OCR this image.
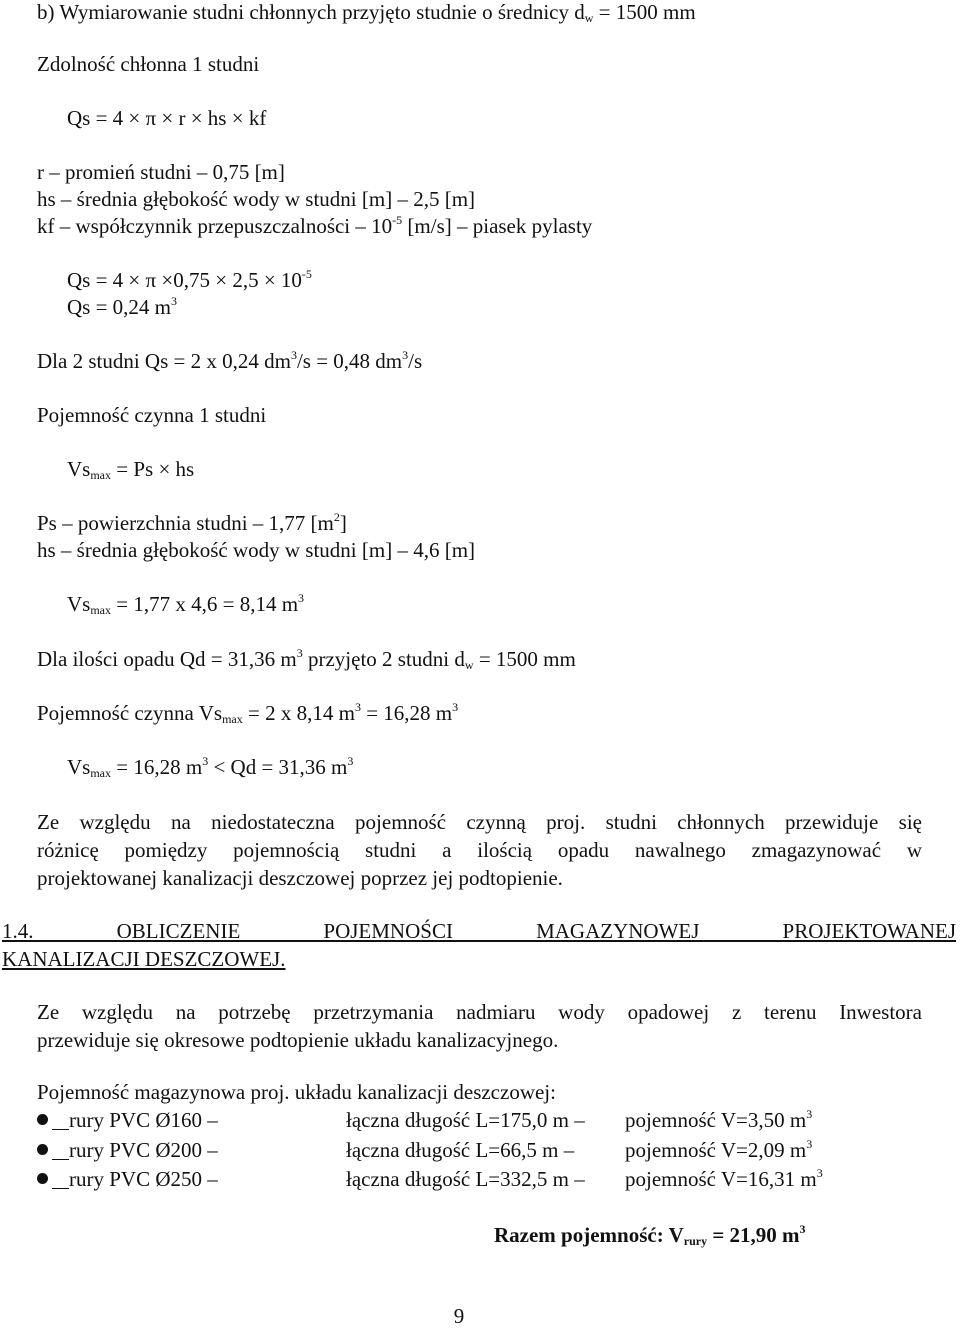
b) Wymiarowanie studni chłonnych przyjęto studnie o średnicy $d_w = 1500$ mm
Zdolność chłonna 1 studni
Qs = 4 × π × r × hs × kf
r – promień studni – 0,75 [m]
hs – średnia głębokość wody w studni [m] – 2,5 [m]
kf – współczynnik przepuszczalności – $10^{-5}$ [m/s] – piasek pylasty
$Qs = 4 \times \pi \times 0,75 \times 2,5 \times 10^{-5}$
Qs = 0,24 $m^3$
Dla 2 studni Qs = 2 x 0,24 $dm^3/s = 0,48$ $dm^3/s$
Pojemność czynna 1 studni
$Vs_{max} = Ps$ × hs
Ps – powierzchnia studni – 1,77 $[m^2]$
hs – średnia głębokość wody w studni [m] – 4,6 [m]
$Vs_{max} = 1,77$ x 4,6 = 8,14 $m^3$
Dla ilości opadu Qd = 31,36 $m^3$ przyjęto 2 studni $d_w = 1500$ mm
Pojemność czynna $Vs_{max} = 2$ x 8,14 $m^3 = 16,28$ $m^3$
$Vs_{max} = 16,28$ $m^3 < Qd = 31,36$ $m^3$
Ze względu na niedostateczna pojemność czynną proj. studni chłonnych przewiduje się
różnicę pomiędzy pojemnością studni a ilością opadu nawalnego zmagazynować w
projektowanej kanalizacji deszczowej poprzez jej podtopienie.
1.4. OBLICZENIE POJEMNOŚCI MAGAZYNOWEJ PROJEKTOWANEJ
KANALIZACJI DESZCZOWEJ.
Ze względu na potrzebę przetrzymania nadmiaru wody opadowej z terenu Inwestora
przewiduje się okresowe podtopienie układu kanalizacyjnego.
Pojemność magazynowa proj. układu kanalizacji deszczowej:
rury PVC Ø160 –	łączna długość L=175,0 m – pojemność V=3,50 $m^3$
rury PVC Ø200 –	łączna długość L=66,5 m – pojemność V=2,09 $m^3$
rury PVC Ø250 –	łączna długość L=332,5 m – pojemność V=16,31 $m^3$
Razem pojemność: $V_{rury} = 21,90$ $m^3$
9
